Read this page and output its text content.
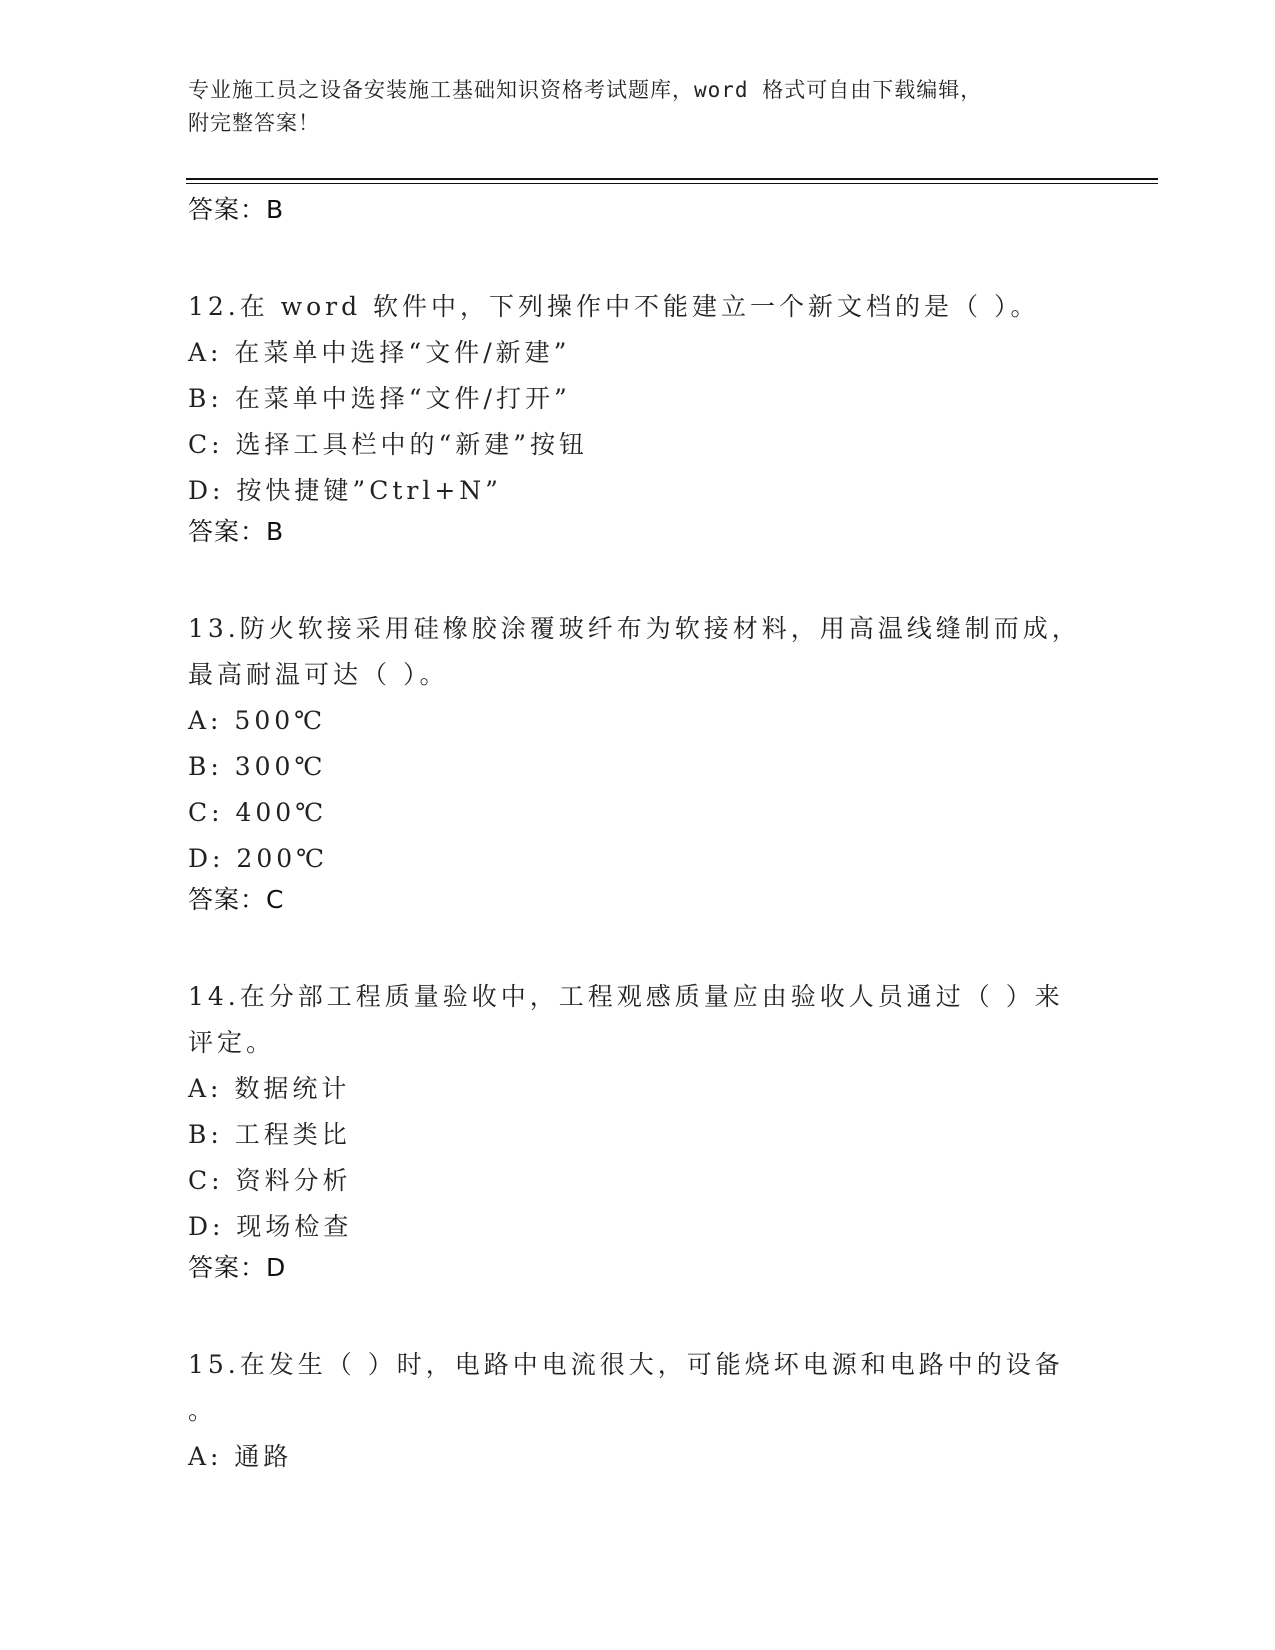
专业施工员之设备安装施工基础知识资格考试题库，word 格式可自由下载编辑，
附完整答案！
答案：B
12.在 word 软件中，下列操作中不能建立一个新文档的是（ ）。
A: 在菜单中选择“文件/新建”
B: 在菜单中选择“文件/打开”
C: 选择工具栏中的“新建”按钮
D: 按快捷键”Ctrl+N”
答案：B
13.防火软接采用硅橡胶涂覆玻纤布为软接材料，用高温线缝制而成，
最高耐温可达（ ）。
A: 500℃
B: 300℃
C: 400℃
D: 200℃
答案：C
14.在分部工程质量验收中，工程观感质量应由验收人员通过（ ）来
评定。
A: 数据统计
B: 工程类比
C: 资料分析
D: 现场检查
答案：D
15.在发生（ ）时，电路中电流很大，可能烧坏电源和电路中的设备
。
A: 通路
